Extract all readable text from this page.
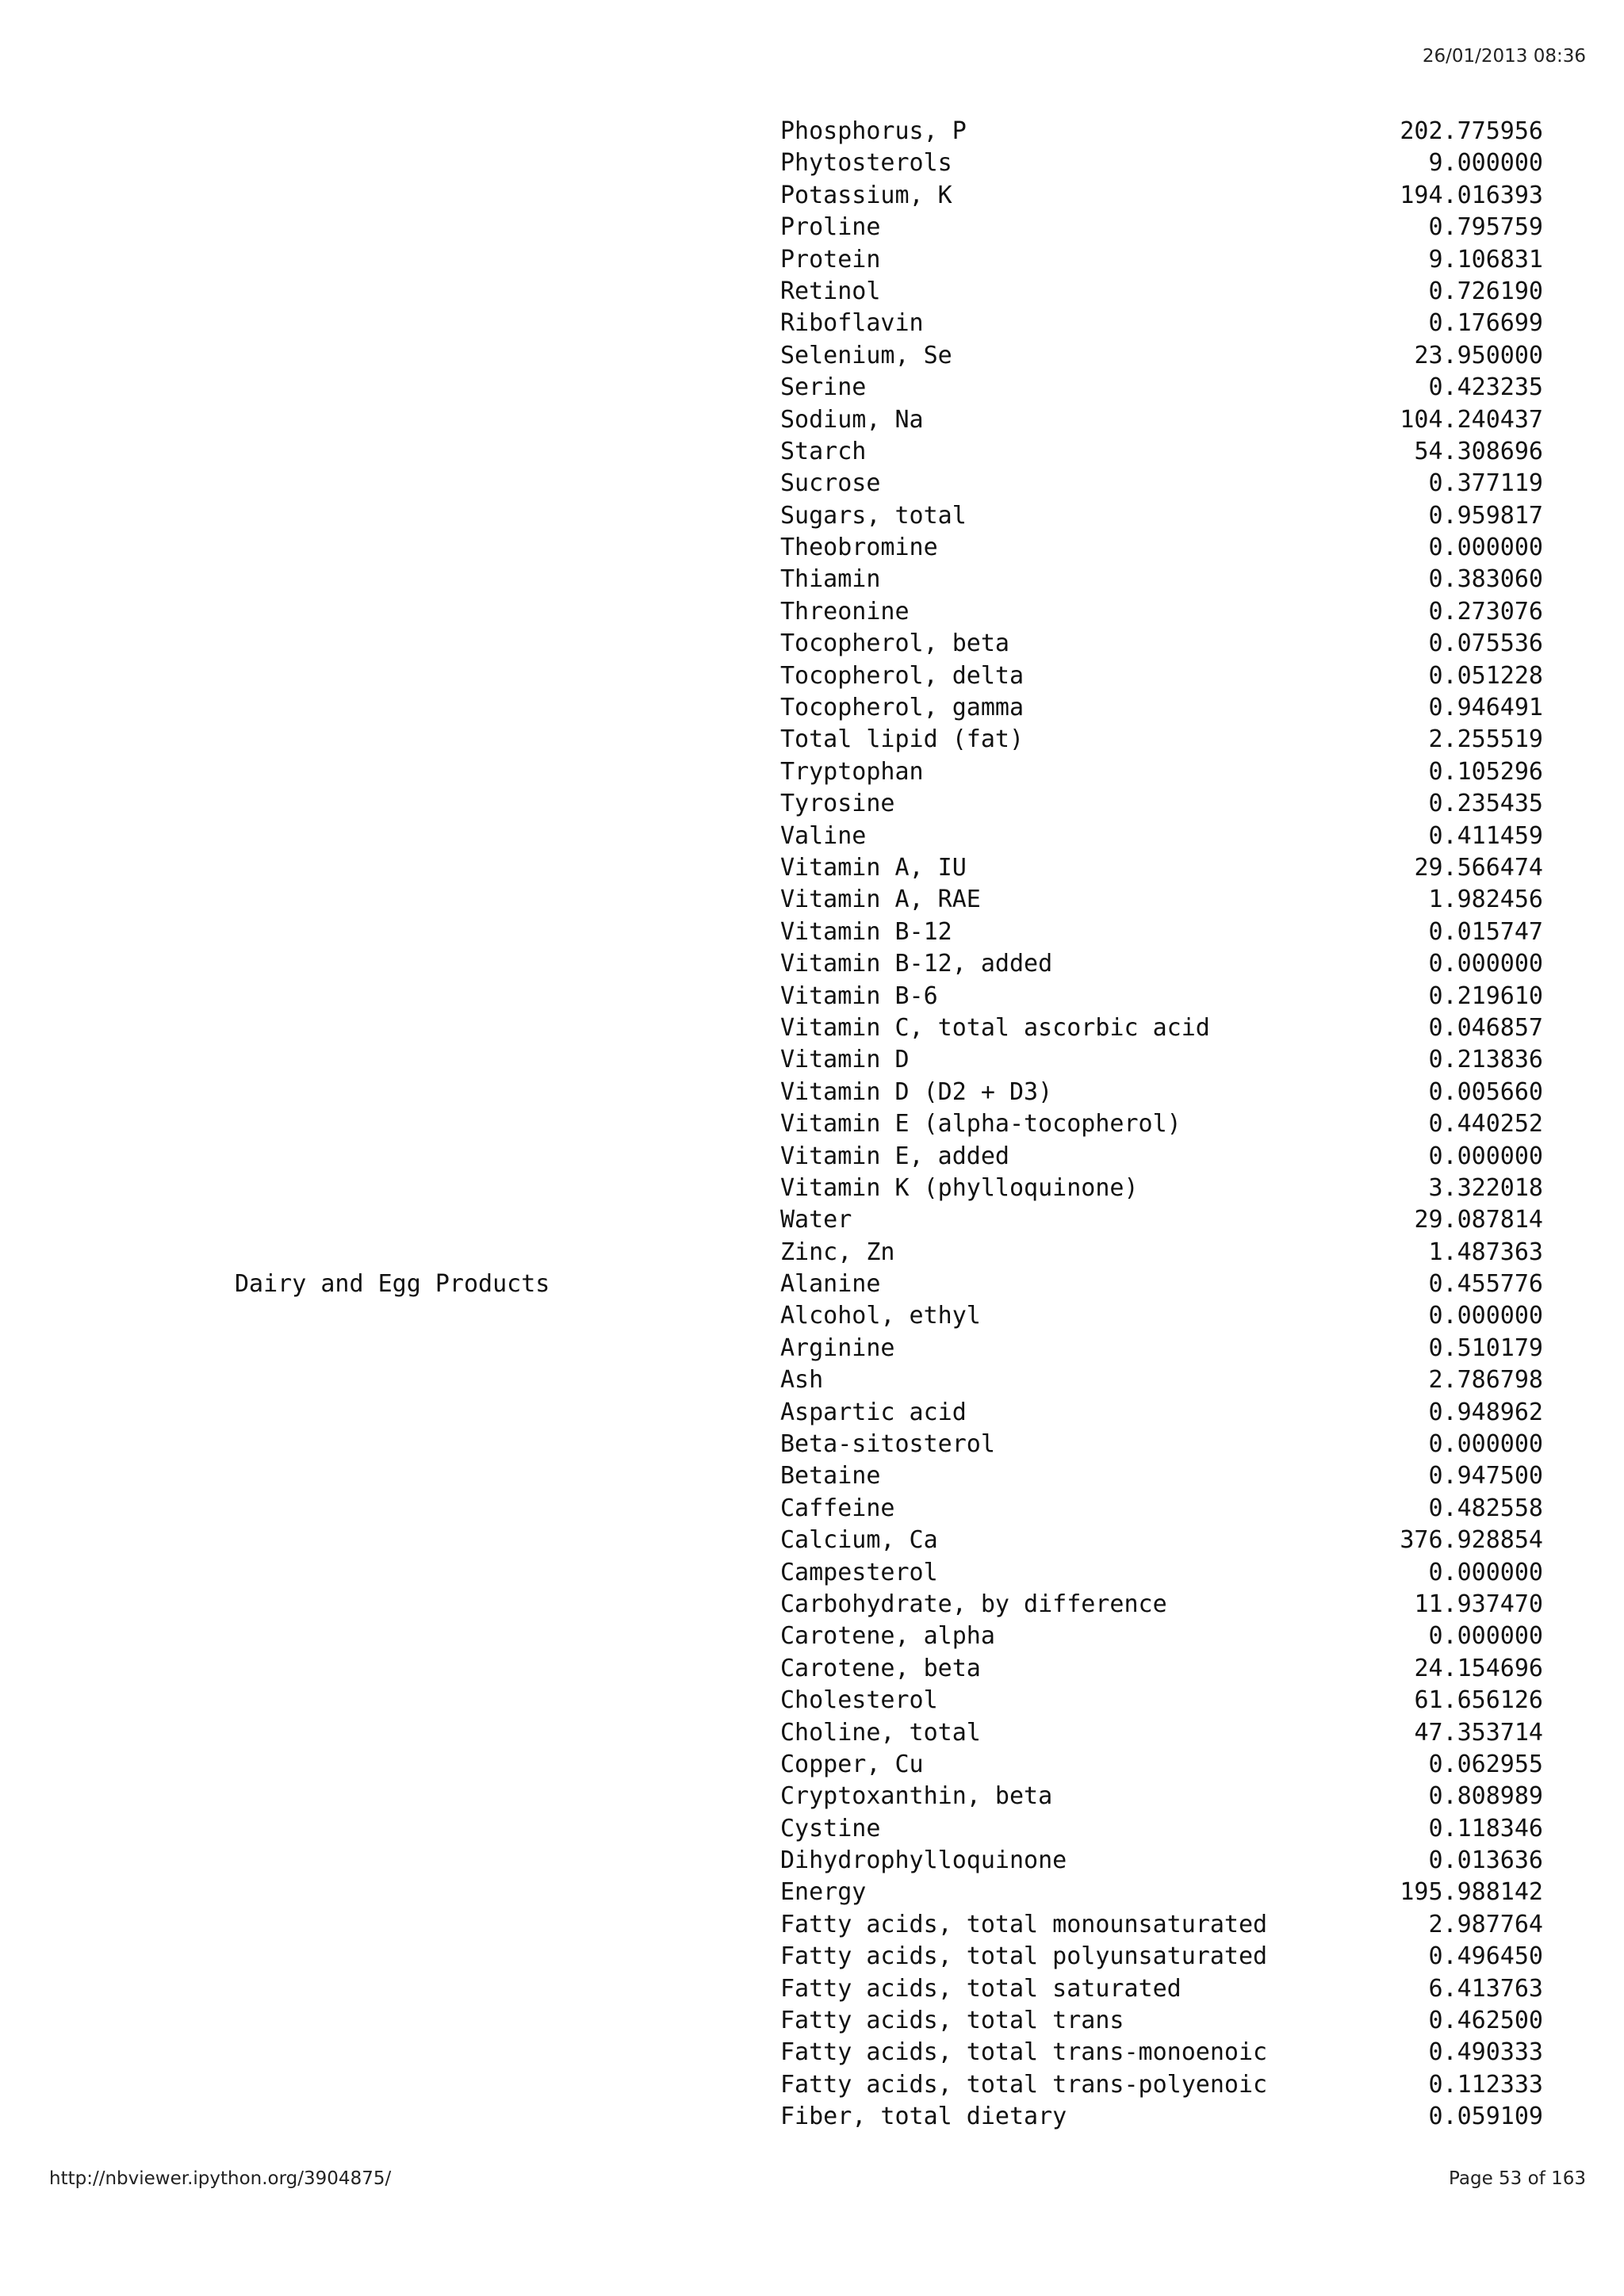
26/01/2013 08:36
Phosphorus, P	202.775956
Phytosterols	9.000000
Potassium, K	194.016393
Proline	0.795759
Protein	9.106831
Retinol	0.726190
Riboflavin	0.176699
Selenium, Se	23.950000
Serine	0.423235
Sodium, Na	104.240437
Starch	54.308696
Sucrose	0.377119
Sugars, total	0.959817
Theobromine	0.000000
Thiamin	0.383060
Threonine	0.273076
Tocopherol, beta	0.075536
Tocopherol, delta	0.051228
Tocopherol, gamma	0.946491
Total lipid (fat)	2.255519
Tryptophan	0.105296
Tyrosine	0.235435
Valine	0.411459
Vitamin A, IU	29.566474
Vitamin A, RAE	1.982456
Vitamin B-12	0.015747
Vitamin B-12, added	0.000000
Vitamin B-6	0.219610
Vitamin C, total ascorbic acid	0.046857
Vitamin D	0.213836
Vitamin D (D2 + D3)	0.005660
Vitamin E (alpha-tocopherol)	0.440252
Vitamin E, added	0.000000
Vitamin K (phylloquinone)	3.322018
Water	29.087814
Zinc, Zn	1.487363
Dairy and Egg Products	Alanine	0.455776
Alcohol, ethyl	0.000000
Arginine	0.510179
Ash	2.786798
Aspartic acid	0.948962
Beta-sitosterol	0.000000
Betaine	0.947500
Caffeine	0.482558
Calcium, Ca	376.928854
Campesterol	0.000000
Carbohydrate, by difference	11.937470
Carotene, alpha	0.000000
Carotene, beta	24.154696
Cholesterol	61.656126
Choline, total	47.353714
Copper, Cu	0.062955
Cryptoxanthin, beta	0.808989
Cystine	0.118346
Dihydrophylloquinone	0.013636
Energy	195.988142
Fatty acids, total monounsaturated	2.987764
Fatty acids, total polyunsaturated	0.496450
Fatty acids, total saturated	6.413763
Fatty acids, total trans	0.462500
Fatty acids, total trans-monoenoic	0.490333
Fatty acids, total trans-polyenoic	0.112333
Fiber, total dietary	0.059109
http://nbviewer.ipython.org/3904875/	Page 53 of 163
